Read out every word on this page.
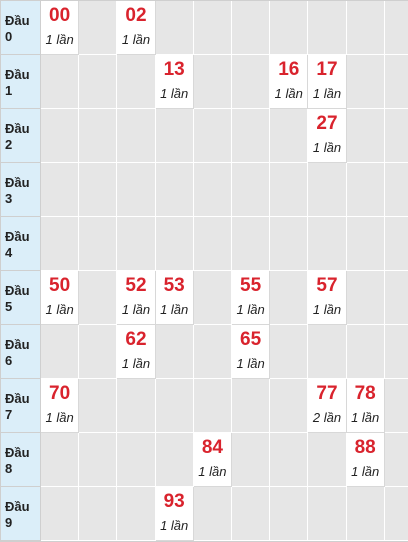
Đầu
0
00
1 lần
02
1 lần
Đầu
1
13
1 lần
16
1 lần
17
1 lần
Đầu
2
27
1 lần
Đầu
3
Đầu
4
Đầu
5
50
1 lần
52
1 lần
53
1 lần
55
1 lần
57
1 lần
Đầu
6
62
1 lần
65
1 lần
Đầu
7
70
1 lần
77
2 lần
78
1 lần
Đầu
8
84
1 lần
88
1 lần
Đầu
9
93
1 lần
